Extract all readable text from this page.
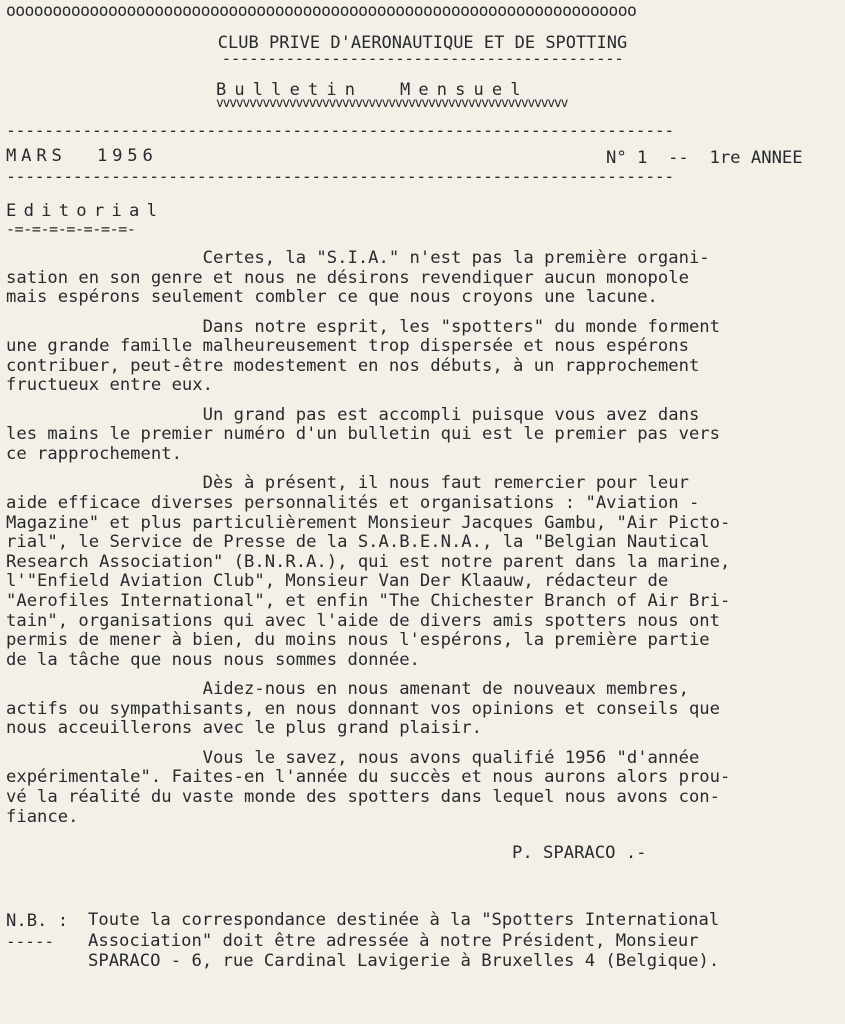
oooooooooooooooooooooooooooooooooooooooooooooooooooooooooooooooooooo
CLUB PRIVE D'AERONAUTIQUE ET DE SPOTTING
--------------------------------------------
Bulletin  Mensuel
vvvvvvvvvvvvvvvvvvvvvvvvvvvvvvvvvvvvvvvvvvvvvvvvvvvvv
----------------------------------------------------------------------
MARS  1956	N° 1  --  1re ANNEE
----------------------------------------------------------------------
Editorial
-=-=-=-=-=-=-=-
Certes, la "S.I.A." n'est pas la première organi-
sation en son genre et nous ne désirons revendiquer aucun monopole
mais espérons seulement combler ce que nous croyons une lacune.
Dans notre esprit, les "spotters" du monde forment
une grande famille malheureusement trop dispersée et nous espérons
contribuer, peut-être modestement en nos débuts, à un rapprochement
fructueux entre eux.
Un grand pas est accompli puisque vous avez dans
les mains le premier numéro d'un bulletin qui est le premier pas vers
ce rapprochement.
Dès à présent, il nous faut remercier pour leur
aide efficace diverses personnalités et organisations : "Aviation -
Magazine" et plus particulièrement Monsieur Jacques Gambu, "Air Picto-
rial", le Service de Presse de la S.A.B.E.N.A., la "Belgian Nautical
Research Association" (B.N.R.A.), qui est notre parent dans la marine,
l'"Enfield Aviation Club", Monsieur Van Der Klaauw, rédacteur de
"Aerofiles International", et enfin "The Chichester Branch of Air Bri-
tain", organisations qui avec l'aide de divers amis spotters nous ont
permis de mener à bien, du moins nous l'espérons, la première partie
de la tâche que nous nous sommes donnée.
Aidez-nous en nous amenant de nouveaux membres,
actifs ou sympathisants, en nous donnant vos opinions et conseils que
nous acceuillerons avec le plus grand plaisir.
Vous le savez, nous avons qualifié 1956 "d'année
expérimentale". Faites-en l'année du succès et nous aurons alors prou-
vé la réalité du vaste monde des spotters dans lequel nous avons con-
fiance.
P. SPARACO .-
N.B. :
-----
Toute la correspondance destinée à la "Spotters International
Association" doit être adressée à notre Président, Monsieur
SPARACO - 6, rue Cardinal Lavigerie à Bruxelles 4 (Belgique).
